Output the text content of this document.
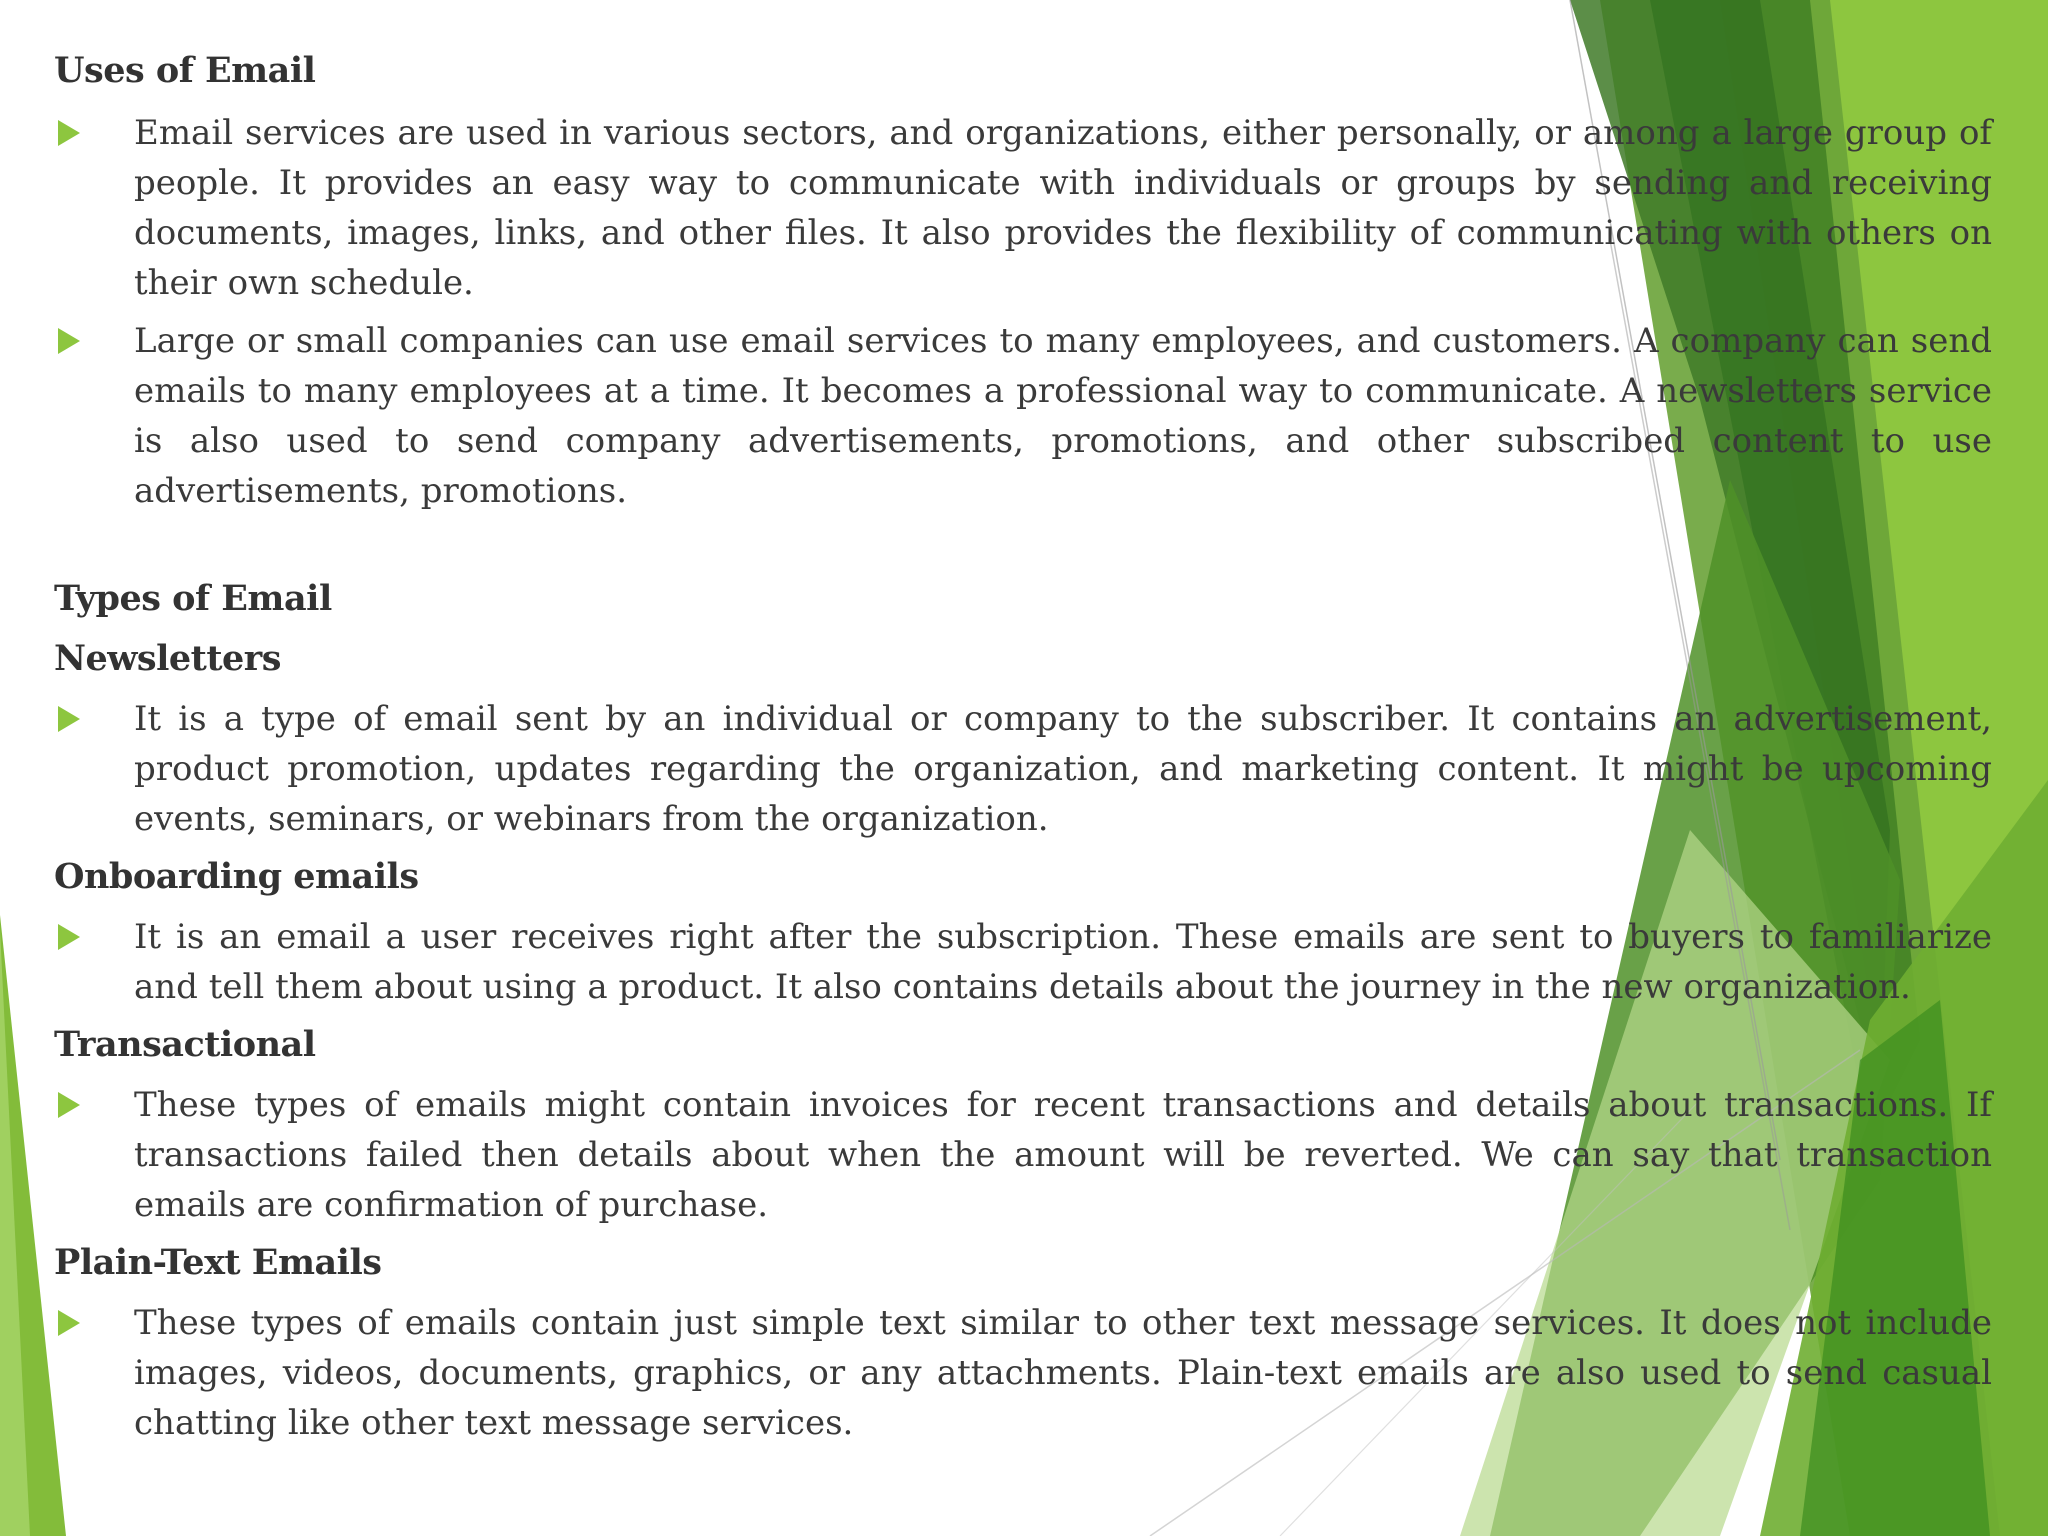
Uses of Email
Email services are used in various sectors, and organizations, either personally, or among a large group of people. It provides an easy way to communicate with individuals or groups by sending and receiving documents, images, links, and other files. It also provides the flexibility of communicating with others on their own schedule.
Large or small companies can use email services to many employees, and customers. A company can send emails to many employees at a time. It becomes a professional way to communicate. A newsletters service is also used to send company advertisements, promotions, and other subscribed content to use advertisements, promotions.
Types of Email
Newsletters
It is a type of email sent by an individual or company to the subscriber. It contains an advertisement, product promotion, updates regarding the organization, and marketing content. It might be upcoming events, seminars, or webinars from the organization.
Onboarding emails
It is an email a user receives right after the subscription. These emails are sent to buyers to familiarize and tell them about using a product. It also contains details about the journey in the new organization.
Transactional
These types of emails might contain invoices for recent transactions and details about transactions. If transactions failed then details about when the amount will be reverted. We can say that transaction emails are confirmation of purchase.
Plain-Text Emails
These types of emails contain just simple text similar to other text message services. It does not include images, videos, documents, graphics, or any attachments. Plain-text emails are also used to send casual chatting like other text message services.
